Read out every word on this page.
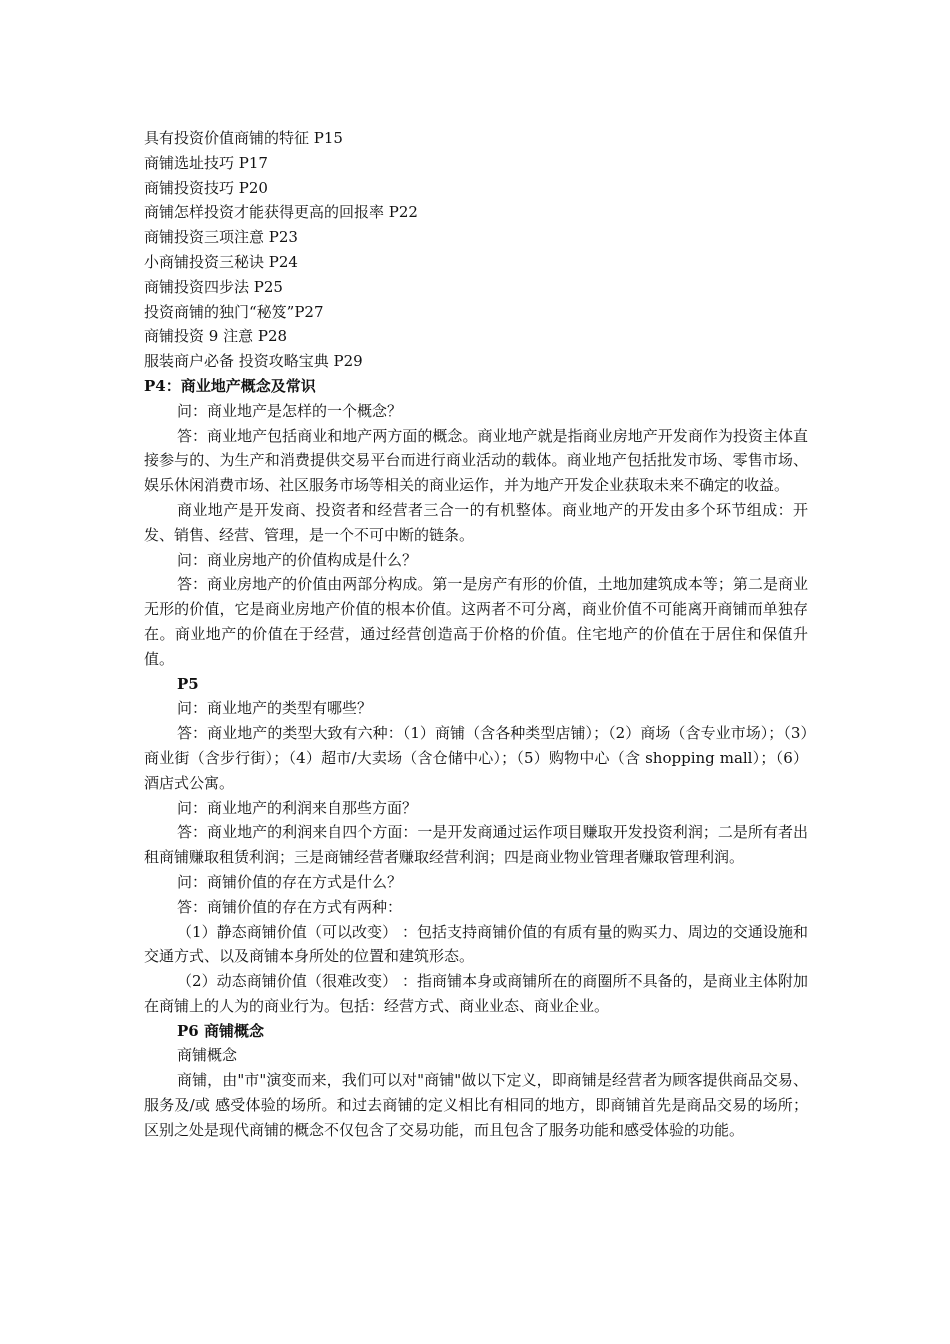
具有投资价值商铺的特征 P15
商铺选址技巧 P17
商铺投资技巧 P20
商铺怎样投资才能获得更高的回报率 P22
商铺投资三项注意 P23
小商铺投资三秘诀 P24
商铺投资四步法 P25
投资商铺的独门“秘笈”P27
商铺投资 9 注意 P28
服装商户必备 投资攻略宝典 P29
P4：商业地产概念及常识
问：商业地产是怎样的一个概念？
答：商业地产包括商业和地产两方面的概念。商业地产就是指商业房地产开发商作为投资主体直接参与的、为生产和消费提供交易平台而进行商业活动的载体。商业地产包括批发市场、零售市场、娱乐休闲消费市场、社区服务市场等相关的商业运作，并为地产开发企业获取未来不确定的收益。
商业地产是开发商、投资者和经营者三合一的有机整体。商业地产的开发由多个环节组成：开发、销售、经营、管理，是一个不可中断的链条。
问：商业房地产的价值构成是什么？
答：商业房地产的价值由两部分构成。第一是房产有形的价值，土地加建筑成本等；第二是商业无形的价值，它是商业房地产价值的根本价值。这两者不可分离，商业价值不可能离开商铺而单独存在。商业地产的价值在于经营，通过经营创造高于价格的价值。住宅地产的价值在于居住和保值升值。
P5
问：商业地产的类型有哪些？
答：商业地产的类型大致有六种：（1）商铺（含各种类型店铺）；（2）商场（含专业市场）；（3）商业街（含步行街）；（4）超市/大卖场（含仓储中心）；（5）购物中心（含 shopping mall）；（6）酒店式公寓。
问：商业地产的利润来自那些方面？
答：商业地产的利润来自四个方面：一是开发商通过运作项目赚取开发投资利润；二是所有者出租商铺赚取租赁利润；三是商铺经营者赚取经营利润；四是商业物业管理者赚取管理利润。
问：商铺价值的存在方式是什么？
答：商铺价值的存在方式有两种：
（1）静态商铺价值（可以改变） ：包括支持商铺价值的有质有量的购买力、周边的交通设施和交通方式、以及商铺本身所处的位置和建筑形态。
（2）动态商铺价值（很难改变） ：指商铺本身或商铺所在的商圈所不具备的，是商业主体附加在商铺上的人为的商业行为。包括：经营方式、商业业态、商业企业。
P6 商铺概念
商铺概念
商铺，由"市"演变而来，我们可以对"商铺"做以下定义，即商铺是经营者为顾客提供商品交易、服务及/或 感受体验的场所。和过去商铺的定义相比有相同的地方，即商铺首先是商品交易的场所；区别之处是现代商铺的概念不仅包含了交易功能，而且包含了服务功能和感受体验的功能。
